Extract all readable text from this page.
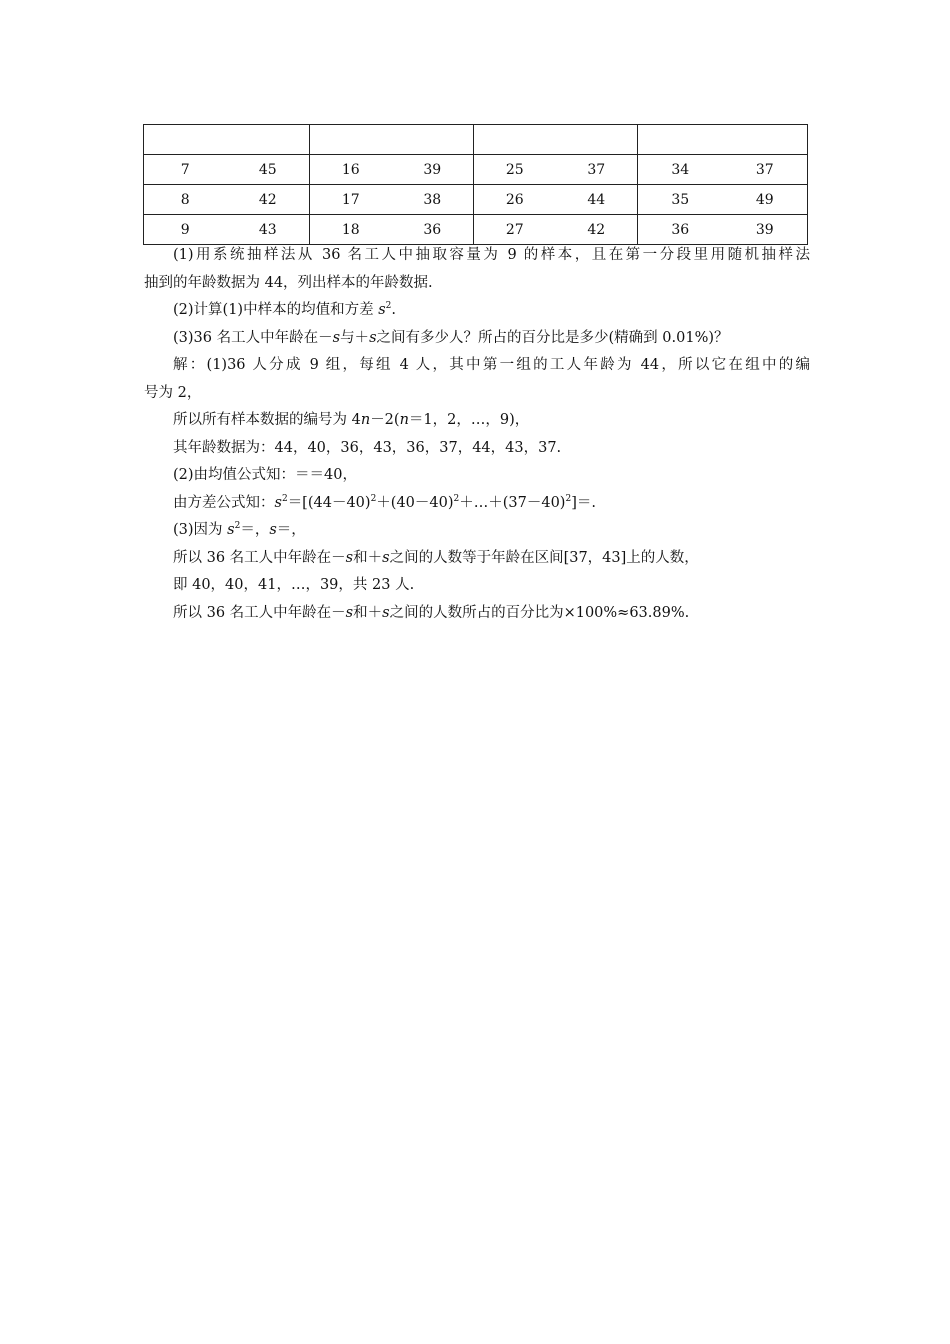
7	45	16	39	25	37	34	37
8	42	17	38	26	44	35	49
9	43	18	36	27	42	36	39
(1)用系统抽样法从 36 名工人中抽取容量为 9 的样本，且在第一分段里用随机抽样法
抽到的年龄数据为 44，列出样本的年龄数据.
(2)计算(1)中样本的均值和方差 $s^2$.
(3)36 名工人中年龄在－s与＋s之间有多少人？所占的百分比是多少(精确到 0.01%)？
解：(1)36 人分成 9 组，每组 4 人，其中第一组的工人年龄为 44，所以它在组中的编
号为 2，
所以所有样本数据的编号为 4n－2(n＝1，2，…，9)，
其年龄数据为：44，40，36，43，36，37，44，43，37.
(2)由均值公式知：＝＝40，
由方差公式知：$s^2=[(44-40)^2+(40-40)^2+\dots+(37-40)^2]=$.
(3)因为 $s^2=$，s＝，
所以 36 名工人中年龄在－s和＋s之间的人数等于年龄在区间[37，43]上的人数，
即 40，40，41，…，39，共 23 人.
所以 36 名工人中年龄在－s和＋s之间的人数所占的百分比为×100%≈63.89%.
